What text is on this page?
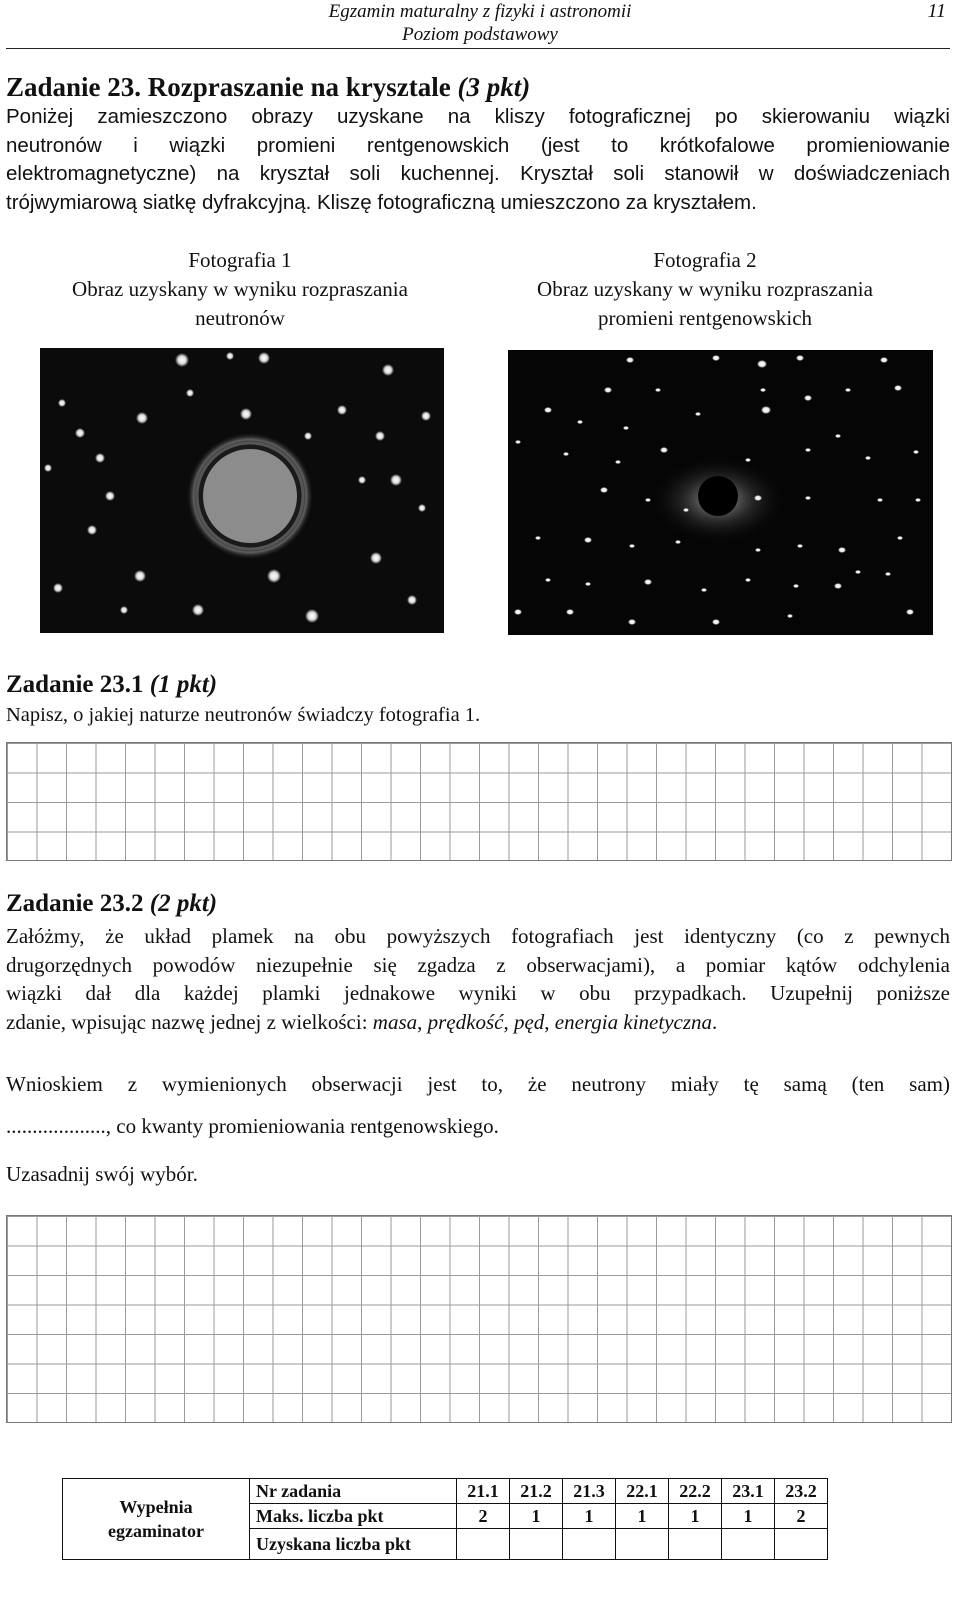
Egzamin maturalny z fizyki i astronomii
Poziom podstawowy
11
Zadanie 23. Rozpraszanie na krysztale (3 pkt)
Poniżej zamieszczono obrazy uzyskane na kliszy fotograficznej po skierowaniu wiązki
neutronów i wiązki promieni rentgenowskich (jest to krótkofalowe promieniowanie
elektromagnetyczne) na kryształ soli kuchennej. Kryształ soli stanowił w doświadczeniach
trójwymiarową siatkę dyfrakcyjną. Kliszę fotograficzną umieszczono za kryształem.
Fotografia 1
Obraz uzyskany w wyniku rozpraszania
neutronów
Fotografia 2
Obraz uzyskany w wyniku rozpraszania
promieni rentgenowskich
Zadanie 23.1 (1 pkt)
Napisz, o jakiej naturze neutronów świadczy fotografia 1.
Zadanie 23.2 (2 pkt)
Załóżmy, że układ plamek na obu powyższych fotografiach jest identyczny (co z pewnych
drugorzędnych powodów niezupełnie się zgadza z obserwacjami), a pomiar kątów odchylenia
wiązki dał dla każdej plamki jednakowe wyniki w obu przypadkach. Uzupełnij poniższe
zdanie, wpisując nazwę jednej z wielkości: masa, prędkość, pęd, energia kinetyczna.
Wnioskiem z wymienionych obserwacji jest to, że neutrony miały tę samą (ten sam)
..................., co kwanty promieniowania rentgenowskiego.
Uzasadnij swój wybór.
Wypełnia
egzaminator	Nr zadania	21.1	21.2	21.3	22.1	22.2	23.1	23.2
	Maks. liczba pkt	2	1	1	1	1	1	2
	Uzyskana liczba pkt							
